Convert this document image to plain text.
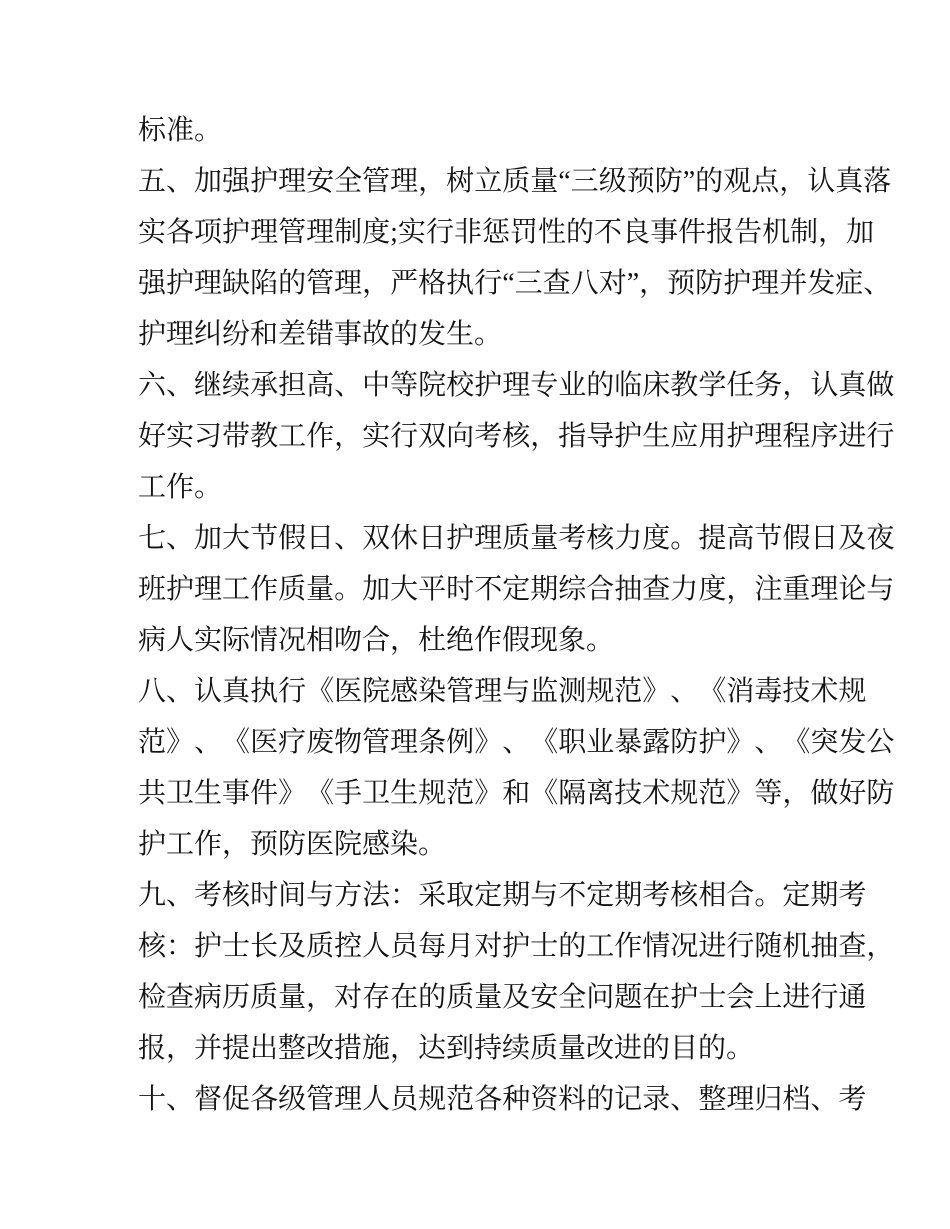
标准。
五 、 加 强 护 理 安 全 管 理 ， 树 立 质 量 “ 三 级 预 防 ” 的 观 点 ， 认 真 落
实 各 项 护 理 管 理 制 度 ; 实 行 非 惩 罚 性 的 不 良 事 件 报 告 机 制 ， 加
强 护 理 缺 陷 的 管 理 ， 严 格 执 行 “ 三 查 八 对 ” ， 预 防 护 理 并 发 症 、
护理纠纷和差错事故的发生。
六 、 继 续 承 担 高 、 中 等 院 校 护 理 专 业 的 临 床 教 学 任 务 ， 认 真 做
好 实 习 带 教 工 作 ， 实 行 双 向 考 核 ， 指 导 护 生 应 用 护 理 程 序 进 行
工作。
七 、 加 大 节 假 日 、 双 休 日 护 理 质 量 考 核 力 度 。 提 高 节 假 日 及 夜
班 护 理 工 作 质 量 。 加 大 平 时 不 定 期 综 合 抽 查 力 度 ， 注 重 理 论 与
病人实际情况相吻合，杜绝作假现象。
八 、 认 真 执 行 《 医 院 感 染 管 理 与 监 测 规 范 》 、 《 消 毒 技 术 规
范 》 、 《 医 疗 废 物 管 理 条 例 》 、 《 职 业 暴 露 防 护 》 、 《 突 发 公
共 卫 生 事 件 》 《 手 卫 生 规 范 》 和 《 隔 离 技 术 规 范 》 等 ， 做 好 防
护工作，预防医院感染。
九 、 考 核 时 间 与 方 法 ： 采 取 定 期 与 不 定 期 考 核 相 合 。 定 期 考
核 ： 护 士 长 及 质 控 人 员 每 月 对 护 士 的 工 作 情 况 进 行 随 机 抽 查 ，
检 查 病 历 质 量 ， 对 存 在 的 质 量 及 安 全 问 题 在 护 士 会 上 进 行 通
报，并提出整改措施，达到持续质量改进的目的。
十 、 督 促 各 级 管 理 人 员 规 范 各 种 资 料 的 记 录 、 整 理 归 档 、 考
